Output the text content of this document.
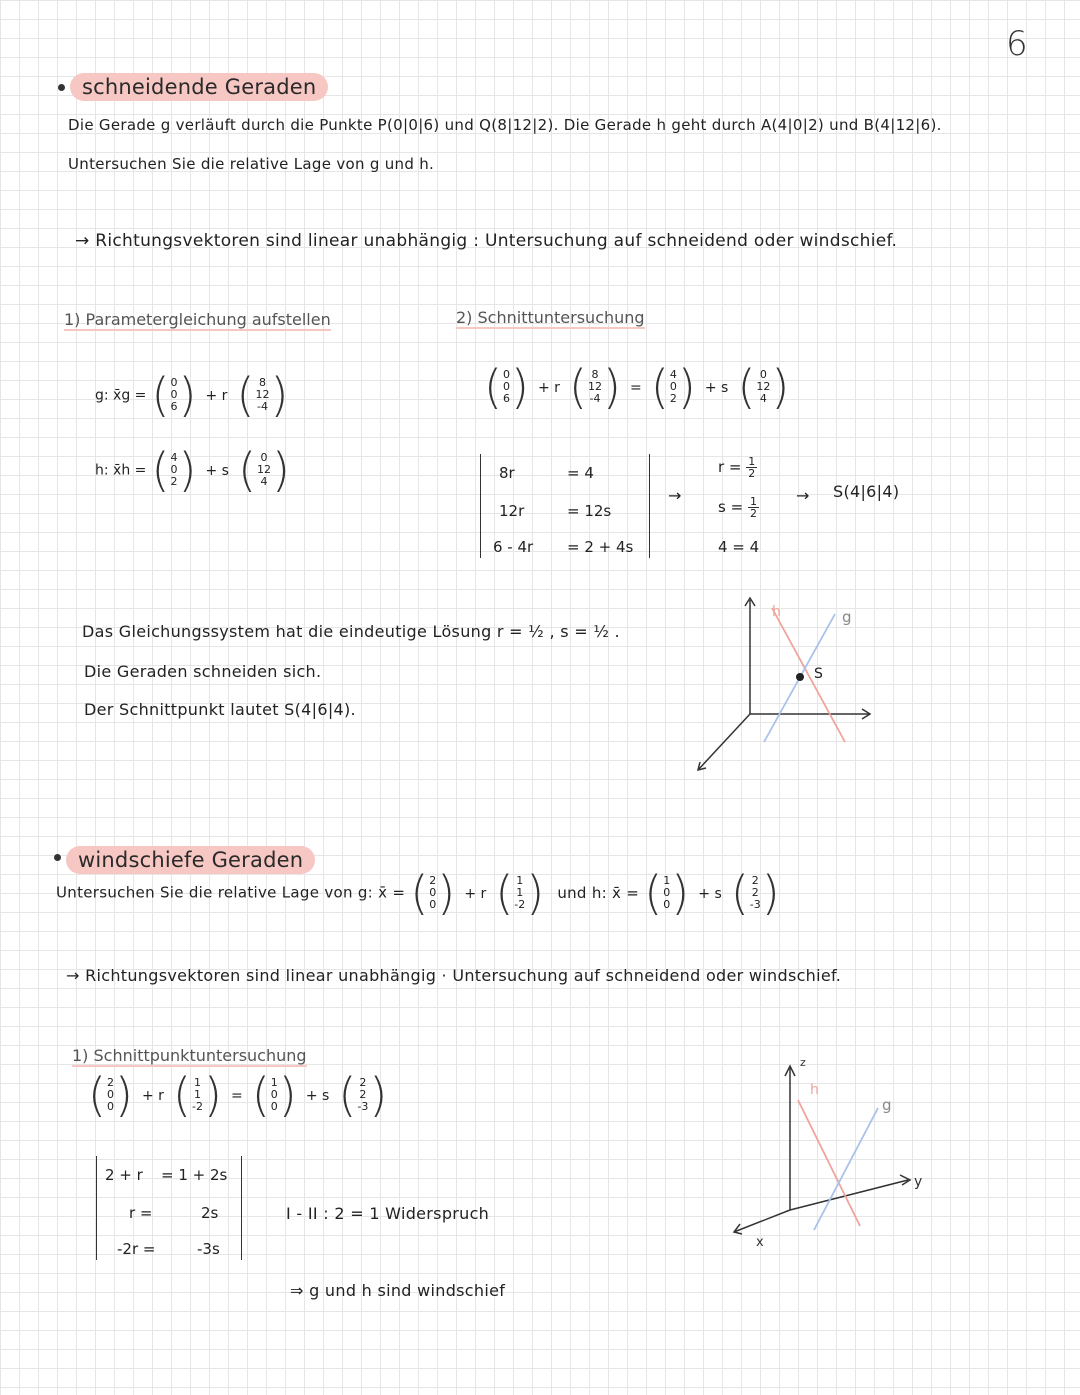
6
schneidende Geraden
Die Gerade g verläuft durch die Punkte P(0|0|6) und Q(8|12|2). Die Gerade h geht durch A(4|0|2) und B(4|12|6).
Untersuchen Sie die relative Lage von g und h.
→ Richtungsvektoren sind linear unabhängig : Untersuchung auf schneidend oder windschief.
1) Parametergleichung aufstellen	2) Schnittuntersuchung
g: x̄g = ( 0
0
6 ) + r ( 8
12
-4 )
h: x̄h = ( 4
0
2 ) + s ( 0
12
4 )
( 0
0
6 ) + r ( 8
12
-4 ) = ( 4
0
2 ) + s ( 0
12
4 )
8r	= 4
12r	= 12s
6 - 4r = 2 + 4s
→
$r = \frac{1}{2}$
$s = \frac{1}{2}$
4 = 4
→ S(4|6|4)
Das Gleichungssystem hat die eindeutige Lösung r = ½ , s = ½ .
Die Geraden schneiden sich.
Der Schnittpunkt lautet S(4|6|4).
h	g
S
windschiefe Geraden
Untersuchen Sie die relative Lage von g: x̄ = ( 2
0
0 ) + r ( 1
1
-2 ) und h: x̄ = ( 1
0
0 ) + s ( 2
2
-3 )
→ Richtungsvektoren sind linear unabhängig · Untersuchung auf schneidend oder windschief.
1) Schnittpunktuntersuchung
( 2
0
0 ) + r ( 1
1
-2 ) = ( 1
0
0 ) + s ( 2
2
-3 )
2 + r = 1 + 2s
r =	2s
-2r =	-3s
I - II : 2 = 1 Widerspruch
⇒ g und h sind windschief
z
y
x
h
g
